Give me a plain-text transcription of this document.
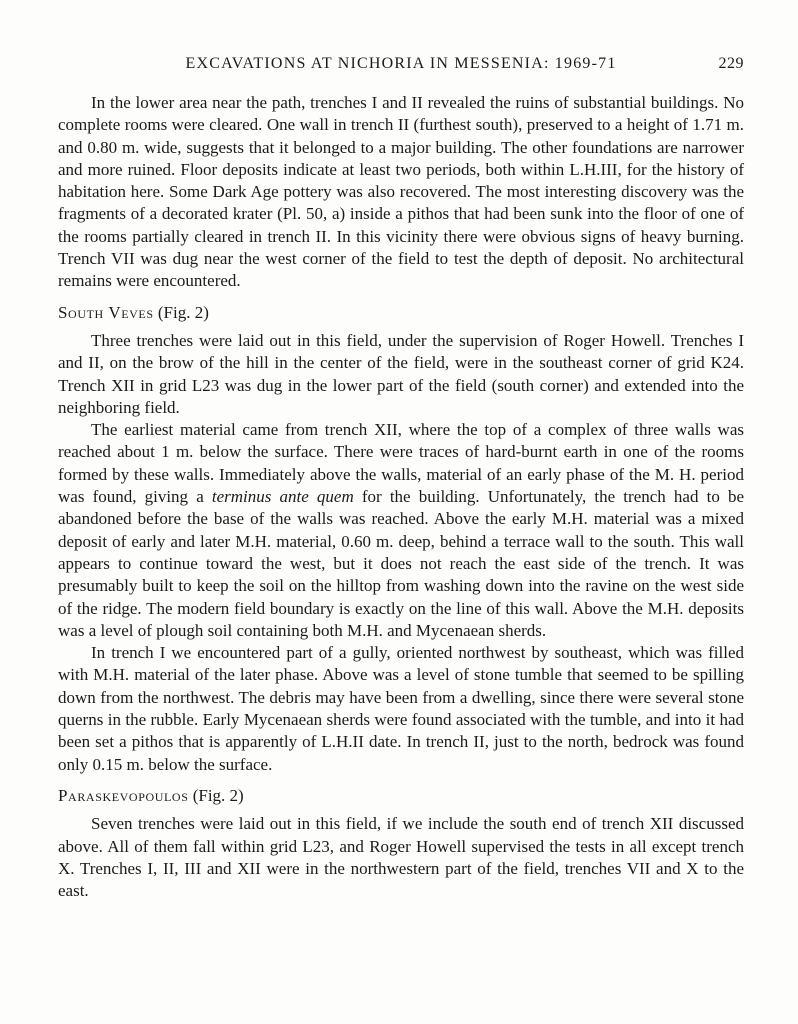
EXCAVATIONS AT NICHORIA IN MESSENIA: 1969-71	229

In the lower area near the path, trenches I and II revealed the ruins of substantial buildings. No complete rooms were cleared. One wall in trench II (furthest south), preserved to a height of 1.71 m. and 0.80 m. wide, suggests that it belonged to a major building. The other foundations are narrower and more ruined. Floor deposits indicate at least two periods, both within L.H.III, for the history of habitation here. Some Dark Age pottery was also recovered. The most interesting discovery was the fragments of a decorated krater (Pl. 50, a) inside a pithos that had been sunk into the floor of one of the rooms partially cleared in trench II. In this vicinity there were obvious signs of heavy burning. Trench VII was dug near the west corner of the field to test the depth of deposit. No architectural remains were encountered.

South Veves (Fig. 2)

Three trenches were laid out in this field, under the supervision of Roger Howell. Trenches I and II, on the brow of the hill in the center of the field, were in the southeast corner of grid K24. Trench XII in grid L23 was dug in the lower part of the field (south corner) and extended into the neighboring field.

The earliest material came from trench XII, where the top of a complex of three walls was reached about 1 m. below the surface. There were traces of hard-burnt earth in one of the rooms formed by these walls. Immediately above the walls, material of an early phase of the M. H. period was found, giving a terminus ante quem for the building. Unfortunately, the trench had to be abandoned before the base of the walls was reached. Above the early M.H. material was a mixed deposit of early and later M.H. material, 0.60 m. deep, behind a terrace wall to the south. This wall appears to continue toward the west, but it does not reach the east side of the trench. It was presumably built to keep the soil on the hilltop from washing down into the ravine on the west side of the ridge. The modern field boundary is exactly on the line of this wall. Above the M.H. deposits was a level of plough soil containing both M.H. and Mycenaean sherds.

In trench I we encountered part of a gully, oriented northwest by southeast, which was filled with M.H. material of the later phase. Above was a level of stone tumble that seemed to be spilling down from the northwest. The debris may have been from a dwelling, since there were several stone querns in the rubble. Early Mycenaean sherds were found associated with the tumble, and into it had been set a pithos that is apparently of L.H.II date. In trench II, just to the north, bedrock was found only 0.15 m. below the surface.

Paraskevopoulos (Fig. 2)

Seven trenches were laid out in this field, if we include the south end of trench XII discussed above. All of them fall within grid L23, and Roger Howell supervised the tests in all except trench X. Trenches I, II, III and XII were in the northwestern part of the field, trenches VII and X to the east.
